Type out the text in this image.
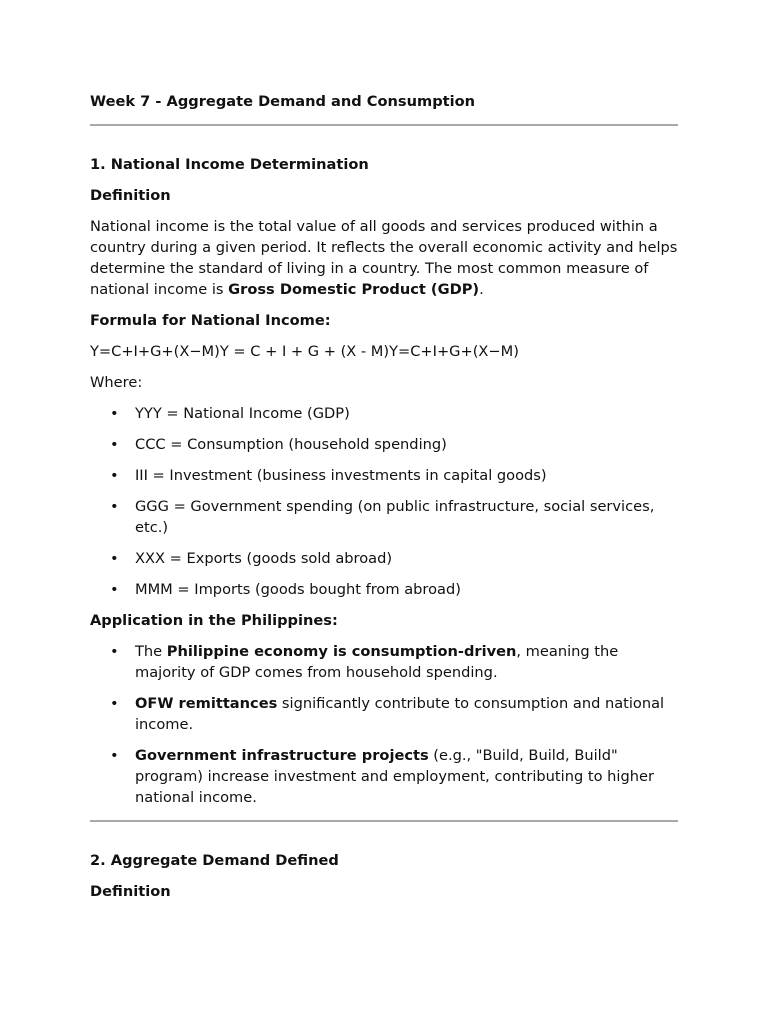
Week 7 - Aggregate Demand and Consumption
1. National Income Determination
Definition

National income is the total value of all goods and services produced within a country during a given period. It reflects the overall economic activity and helps determine the standard of living in a country. The most common measure of national income is Gross Domestic Product (GDP).

Formula for National Income:

Y=C+I+G+(X−M)Y = C + I + G + (X - M)Y=C+I+G+(X−M)

Where:

• YYY = National Income (GDP)
• CCC = Consumption (household spending)
• III = Investment (business investments in capital goods)
• GGG = Government spending (on public infrastructure, social services, etc.)
• XXX = Exports (goods sold abroad)
• MMM = Imports (goods bought from abroad)
Application in the Philippines:
• The Philippine economy is consumption-driven, meaning the majority of GDP comes from household spending.
• OFW remittances significantly contribute to consumption and national income.
• Government infrastructure projects (e.g., "Build, Build, Build" program) increase investment and employment, contributing to higher national income.
2. Aggregate Demand Defined
Definition
